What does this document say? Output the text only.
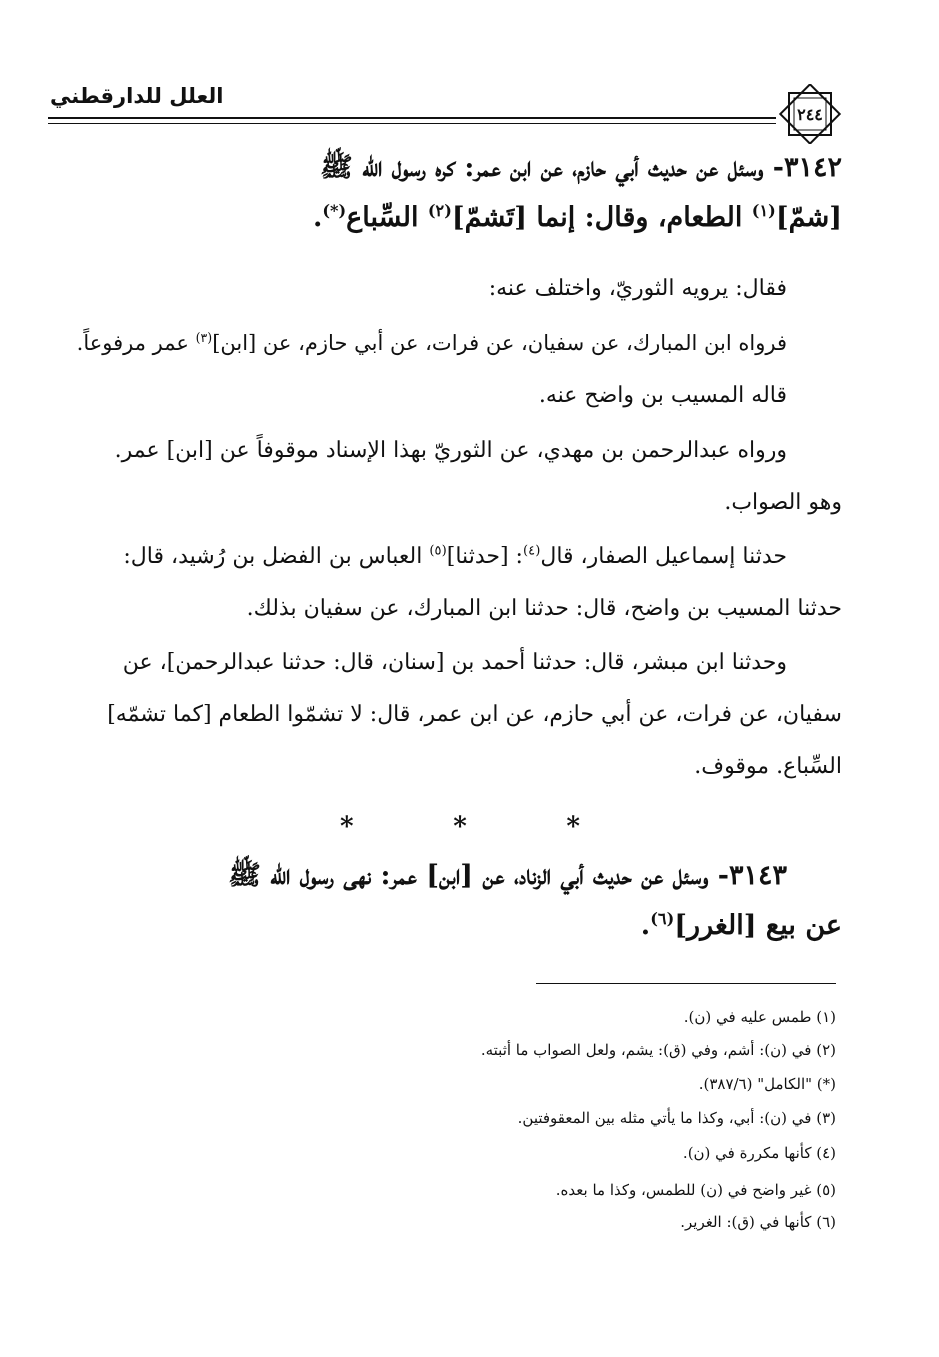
العلل للدارقطني
٢٤٤
٣١٤٢- وسئل عن حديث أبي حازم، عن ابن عمر: كره رسول الله ﷺ
[شمّ]$^{(١)}$ الطعام، وقال: إنما [تَشمّ]$^{(٢)}$ السِّباع(*).
فقال: يرويه الثوريّ، واختلف عنه:
فرواه ابن المبارك، عن سفيان، عن فرات، عن أبي حازم، عن [ابن]$^{(٣)}$ عمر مرفوعاً.
قاله المسيب بن واضح عنه.
ورواه عبدالرحمن بن مهدي، عن الثوريّ بهذا الإسناد موقوفاً عن [ابن] عمر.
وهو الصواب.
حدثنا إسماعيل الصفار، قال$^{(٤)}$: [حدثنا]$^{(٥)}$ العباس بن الفضل بن رُشيد، قال:
حدثنا المسيب بن واضح، قال: حدثنا ابن المبارك، عن سفيان بذلك.
وحدثنا ابن مبشر، قال: حدثنا أحمد بن [سنان، قال: حدثنا عبدالرحمن]، عن
سفيان، عن فرات، عن أبي حازم، عن ابن عمر، قال: لا تشمّوا الطعام [كما تشمّه]
السِّباع. موقوف.
*	*	*
٣١٤٣- وسئل عن حديث أبي الزناد، عن [ابن] عمر: نهى رسول الله ﷺ
عن بيع [الغرر]$^{(٦)}$.
(١) طمس عليه في (ن).
(٢) في (ن): أشم، وفي (ق): يشم، ولعل الصواب ما أثبته.
(*) "الكامل" (٣٨٧/٦).
(٣) في (ن): أبي، وكذا ما يأتي مثله بين المعقوفتين.
(٤) كأنها مكررة في (ن).
(٥) غير واضح في (ن) للطمس، وكذا ما بعده.
(٦) كأنها في (ق): الغرير.
